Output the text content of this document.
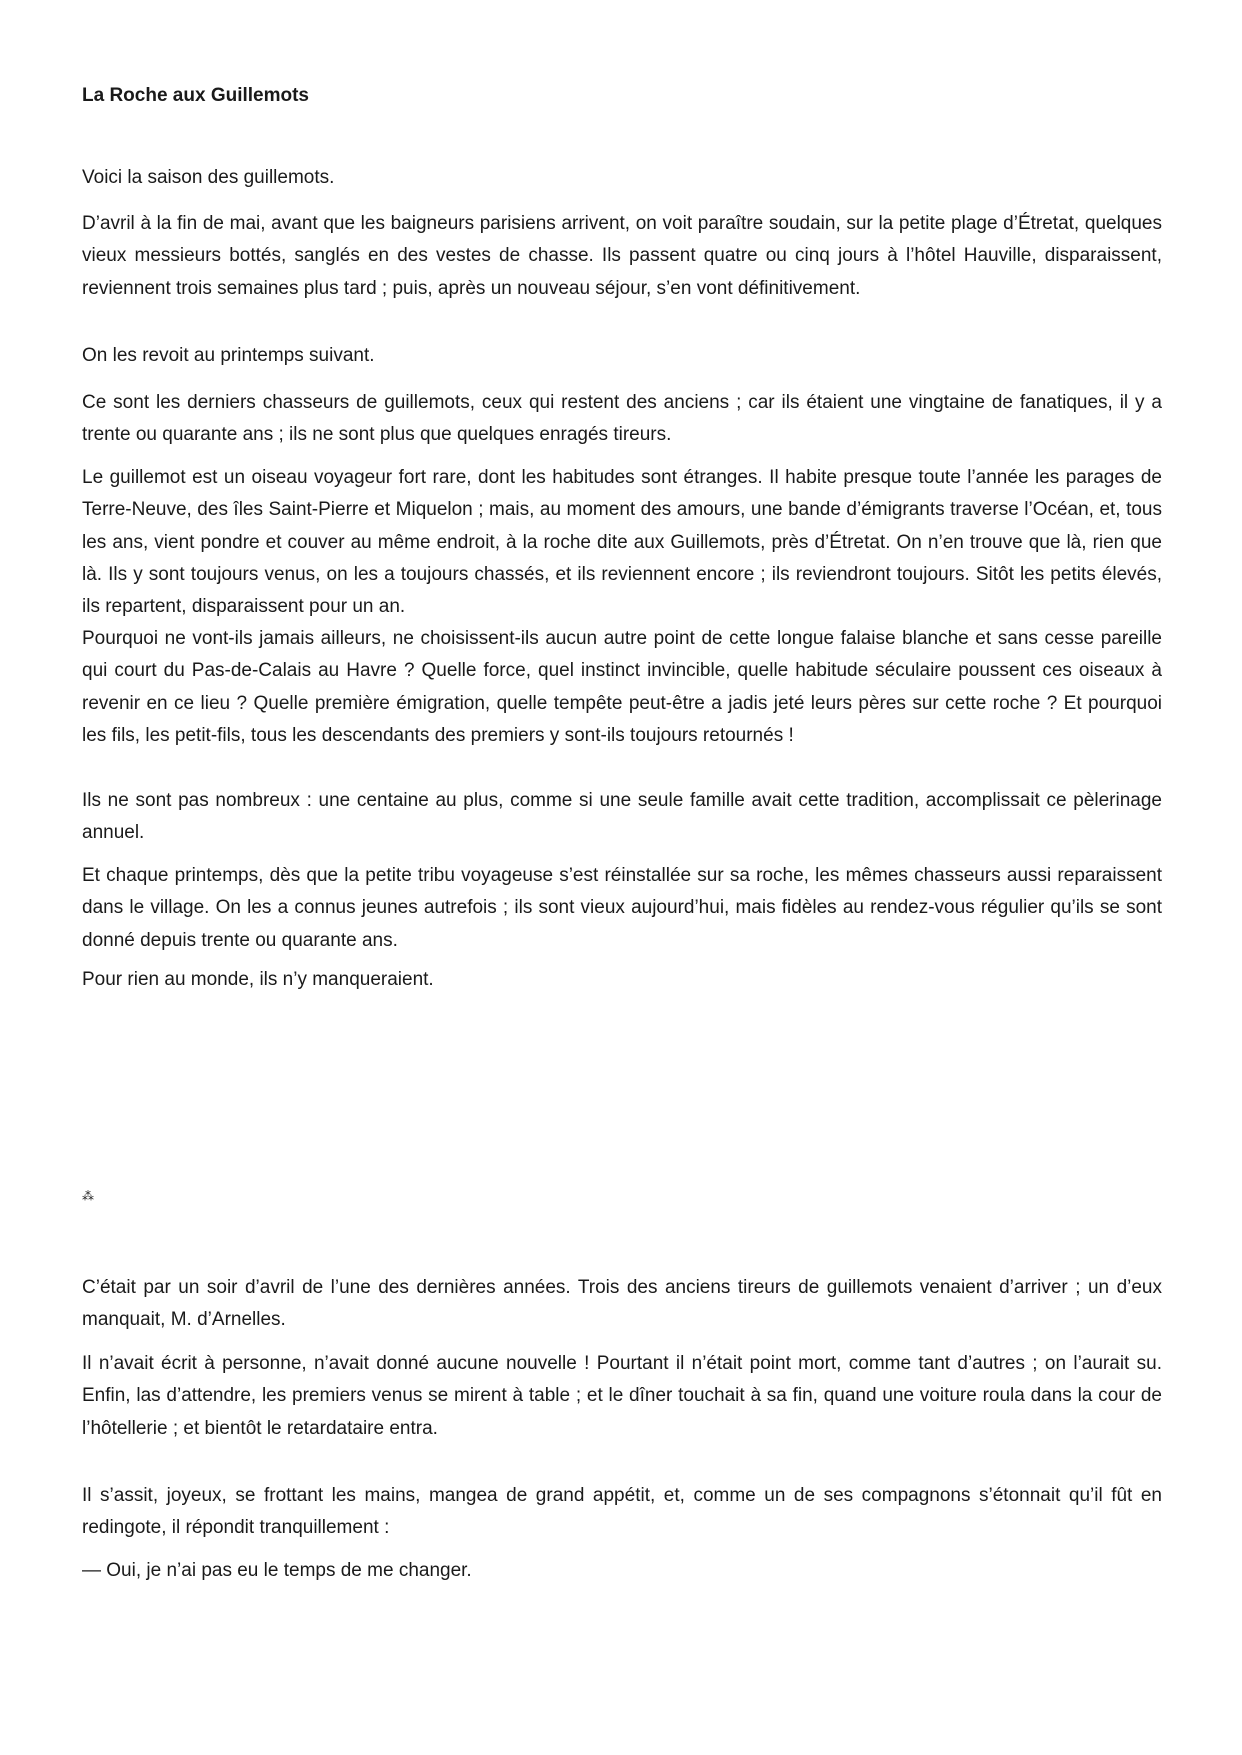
La Roche aux Guillemots

Voici la saison des guillemots.

D’avril à la fin de mai, avant que les baigneurs parisiens arrivent, on voit paraître soudain, sur la petite plage d’Étretat, quelques vieux messieurs bottés, sanglés en des vestes de chasse. Ils passent quatre ou cinq jours à l’hôtel Hauville, disparaissent, reviennent trois semaines plus tard ; puis, après un nouveau séjour, s’en vont définitivement.

On les revoit au printemps suivant.

Ce sont les derniers chasseurs de guillemots, ceux qui restent des anciens ; car ils étaient une vingtaine de fanatiques, il y a trente ou quarante ans ; ils ne sont plus que quelques enragés tireurs.

Le guillemot est un oiseau voyageur fort rare, dont les habitudes sont étranges. Il habite presque toute l’année les parages de Terre-Neuve, des îles Saint-Pierre et Miquelon ; mais, au moment des amours, une bande d’émigrants traverse l’Océan, et, tous les ans, vient pondre et couver au même endroit, à la roche dite aux Guillemots, près d’Étretat. On n’en trouve que là, rien que là. Ils y sont toujours venus, on les a toujours chassés, et ils reviennent encore ; ils reviendront toujours. Sitôt les petits élevés, ils repartent, disparaissent pour un an.

Pourquoi ne vont-ils jamais ailleurs, ne choisissent-ils aucun autre point de cette longue falaise blanche et sans cesse pareille qui court du Pas-de-Calais au Havre ? Quelle force, quel instinct invincible, quelle habitude séculaire poussent ces oiseaux à revenir en ce lieu ? Quelle première émigration, quelle tempête peut-être a jadis jeté leurs pères sur cette roche ? Et pourquoi les fils, les petit-fils, tous les descendants des premiers y sont-ils toujours retournés !

Ils ne sont pas nombreux : une centaine au plus, comme si une seule famille avait cette tradition, accomplissait ce pèlerinage annuel.

Et chaque printemps, dès que la petite tribu voyageuse s’est réinstallée sur sa roche, les mêmes chasseurs aussi reparaissent dans le village. On les a connus jeunes autrefois ; ils sont vieux aujourd’hui, mais fidèles au rendez-vous régulier qu’ils se sont donné depuis trente ou quarante ans.

Pour rien au monde, ils n’y manqueraient.

⁂

C’était par un soir d’avril de l’une des dernières années. Trois des anciens tireurs de guillemots venaient d’arriver ; un d’eux manquait, M. d’Arnelles.

Il n’avait écrit à personne, n’avait donné aucune nouvelle ! Pourtant il n’était point mort, comme tant d’autres ; on l’aurait su. Enfin, las d’attendre, les premiers venus se mirent à table ; et le dîner touchait à sa fin, quand une voiture roula dans la cour de l’hôtellerie ; et bientôt le retardataire entra.

Il s’assit, joyeux, se frottant les mains, mangea de grand appétit, et, comme un de ses compagnons s’étonnait qu’il fût en redingote, il répondit tranquillement :

— Oui, je n’ai pas eu le temps de me changer.
